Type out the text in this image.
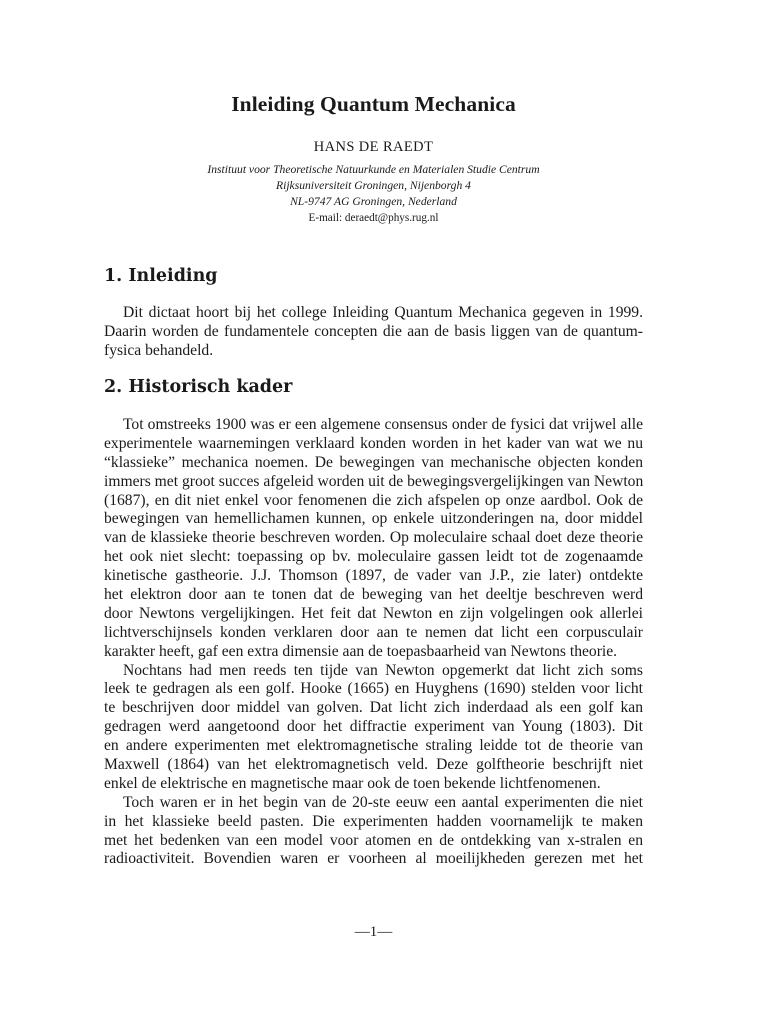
Inleiding Quantum Mechanica
HANS DE RAEDT
Instituut voor Theoretische Natuurkunde en Materialen Studie Centrum
Rijksuniversiteit Groningen, Nijenborgh 4
NL-9747 AG Groningen, Nederland
E-mail: deraedt@phys.rug.nl
1. Inleiding

Dit dictaat hoort bij het college Inleiding Quantum Mechanica gegeven in 1999.
Daarin worden de fundamentele concepten die aan de basis liggen van de quantum-
fysica behandeld.

2. Historisch kader

Tot omstreeks 1900 was er een algemene consensus onder de fysici dat vrijwel alle
experimentele waarnemingen verklaard konden worden in het kader van wat we nu
“klassieke” mechanica noemen. De bewegingen van mechanische objecten konden
immers met groot succes afgeleid worden uit de bewegingsvergelijkingen van Newton
(1687), en dit niet enkel voor fenomenen die zich afspelen op onze aardbol. Ook de
bewegingen van hemellichamen kunnen, op enkele uitzonderingen na, door middel
van de klassieke theorie beschreven worden. Op moleculaire schaal doet deze theorie
het ook niet slecht: toepassing op bv. moleculaire gassen leidt tot de zogenaamde
kinetische gastheorie. J.J. Thomson (1897, de vader van J.P., zie later) ontdekte
het elektron door aan te tonen dat de beweging van het deeltje beschreven werd
door Newtons vergelijkingen. Het feit dat Newton en zijn volgelingen ook allerlei
lichtverschijnsels konden verklaren door aan te nemen dat licht een corpusculair
karakter heeft, gaf een extra dimensie aan de toepasbaarheid van Newtons theorie.
Nochtans had men reeds ten tijde van Newton opgemerkt dat licht zich soms
leek te gedragen als een golf. Hooke (1665) en Huyghens (1690) stelden voor licht
te beschrijven door middel van golven. Dat licht zich inderdaad als een golf kan
gedragen werd aangetoond door het diffractie experiment van Young (1803). Dit
en andere experimenten met elektromagnetische straling leidde tot de theorie van
Maxwell (1864) van het elektromagnetisch veld. Deze golftheorie beschrijft niet
enkel de elektrische en magnetische maar ook de toen bekende lichtfenomenen.
Toch waren er in het begin van de 20-ste eeuw een aantal experimenten die niet
in het klassieke beeld pasten. Die experimenten hadden voornamelijk te maken
met het bedenken van een model voor atomen en de ontdekking van x-stralen en
radioactiviteit. Bovendien waren er voorheen al moeilijkheden gerezen met het

—1—
